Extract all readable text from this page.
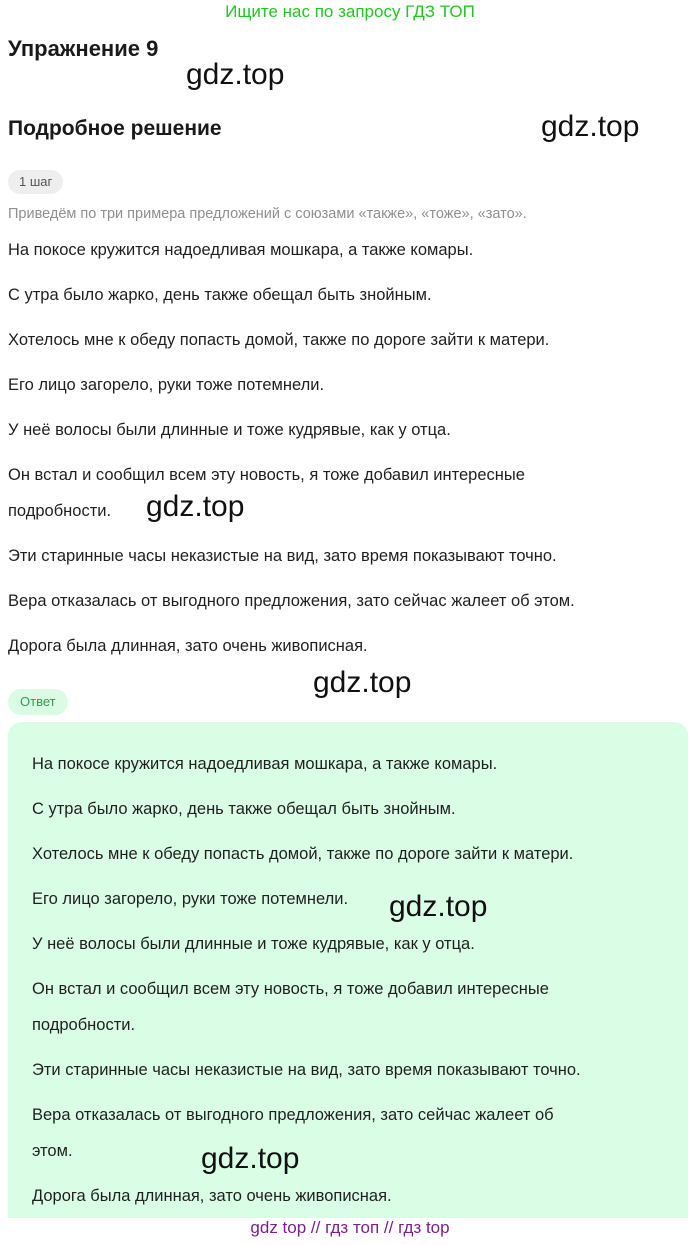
Ищите нас по запросу ГДЗ ТОП
Упражнение 9
gdz.top
Подробное решение	gdz.top
1 шаг
Приведём по три примера предложений с союзами «также», «тоже», «зато».
На покосе кружится надоедливая мошкара, а также комары.
С утра было жарко, день также обещал быть знойным.
Хотелось мне к обеду попасть домой, также по дороге зайти к матери.
Его лицо загорело, руки тоже потемнели.
У неё волосы были длинные и тоже кудрявые, как у отца.
Он встал и сообщил всем эту новость, я тоже добавил интересные
подробности.
Эти старинные часы неказистые на вид, зато время показывают точно.
Вера отказалась от выгодного предложения, зато сейчас жалеет об этом.
Дорога была длинная, зато очень живописная.
gdz.top
gdz.top
Ответ
На покосе кружится надоедливая мошкара, а также комары.
С утра было жарко, день также обещал быть знойным.
Хотелось мне к обеду попасть домой, также по дороге зайти к матери.
Его лицо загорело, руки тоже потемнели.
У неё волосы были длинные и тоже кудрявые, как у отца.
Он встал и сообщил всем эту новость, я тоже добавил интересные
подробности.
Эти старинные часы неказистые на вид, зато время показывают точно.
Вера отказалась от выгодного предложения, зато сейчас жалеет об
этом.
Дорога была длинная, зато очень живописная.
gdz.top
gdz.top
gdz top // гдз топ // гдз top
